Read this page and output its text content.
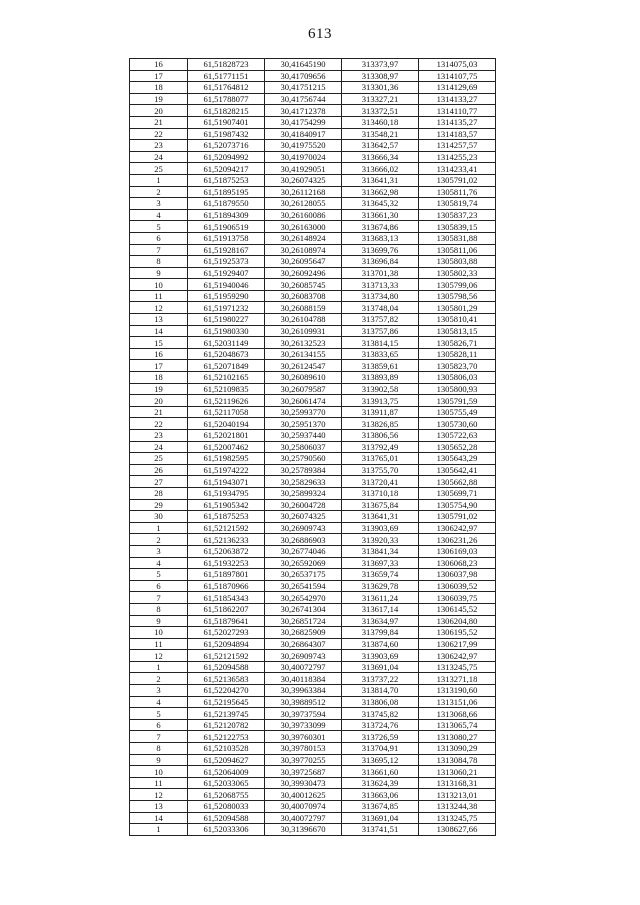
613
16	61,51828723	30,41645190	313373,97	1314075,03
17	61,51771151	30,41709656	313308,97	1314107,75
18	61,51764812	30,41751215	313301,36	1314129,69
19	61,51788077	30,41756744	313327,21	1314133,27
20	61,51828215	30,41712378	313372,51	1314110,77
21	61,51907401	30,41754299	313460,18	1314135,27
22	61,51987432	30,41840917	313548,21	1314183,57
23	61,52073716	30,41975520	313642,57	1314257,57
24	61,52094992	30,41970024	313666,34	1314255,23
25	61,52094217	30,41929051	313666,02	1314233,41
1	61,51875253	30,26074325	313641,31	1305791,02
2	61,51895195	30,26112168	313662,98	1305811,76
3	61,51879550	30,26128055	313645,32	1305819,74
4	61,51894309	30,26160086	313661,30	1305837,23
5	61,51906519	30,26163000	313674,86	1305839,15
6	61,51913758	30,26148924	313683,13	1305831,88
7	61,51928167	30,26108974	313699,76	1305811,06
8	61,51925373	30,26095647	313696,84	1305803,88
9	61,51929407	30,26092496	313701,38	1305802,33
10	61,51940046	30,26085745	313713,33	1305799,06
11	61,51959290	30,26083708	313734,80	1305798,56
12	61,51971232	30,26088159	313748,04	1305801,29
13	61,51980227	30,26104788	313757,82	1305810,41
14	61,51980330	30,26109931	313757,86	1305813,15
15	61,52031149	30,26132523	313814,15	1305826,71
16	61,52048673	30,26134155	313833,65	1305828,11
17	61,52071849	30,26124547	313859,61	1305823,70
18	61,52102165	30,26089610	313893,89	1305806,03
19	61,52109835	30,26079587	313902,58	1305800,93
20	61,52119626	30,26061474	313913,75	1305791,59
21	61,52117058	30,25993770	313911,87	1305755,49
22	61,52040194	30,25951370	313826,85	1305730,60
23	61,52021801	30,25937440	313806,56	1305722,63
24	61,52007462	30,25806037	313792,49	1305652,28
25	61,51982595	30,25790560	313765,01	1305643,29
26	61,51974222	30,25789384	313755,70	1305642,41
27	61,51943071	30,25829633	313720,41	1305662,88
28	61,51934795	30,25899324	313710,18	1305699,71
29	61,51905342	30,26004728	313675,84	1305754,90
30	61,51875253	30,26074325	313641,31	1305791,02
1	61,52121592	30,26909743	313903,69	1306242,97
2	61,52136233	30,26886903	313920,33	1306231,26
3	61,52063872	30,26774046	313841,34	1306169,03
4	61,51932253	30,26592069	313697,33	1306068,23
5	61,51897801	30,26537175	313659,74	1306037,98
6	61,51870966	30,26541594	313629,78	1306039,52
7	61,51854343	30,26542970	313611,24	1306039,75
8	61,51862207	30,26741304	313617,14	1306145,52
9	61,51879641	30,26851724	313634,97	1306204,80
10	61,52027293	30,26825909	313799,84	1306195,52
11	61,52094894	30,26864307	313874,60	1306217,99
12	61,52121592	30,26909743	313903,69	1306242,97
1	61,52094588	30,40072797	313691,04	1313245,75
2	61,52136583	30,40118384	313737,22	1313271,18
3	61,52204270	30,39963384	313814,70	1313190,60
4	61,52195645	30,39889512	313806,08	1313151,06
5	61,52139745	30,39737594	313745,82	1313068,66
6	61,52120782	30,39733099	313724,76	1313065,74
7	61,52122753	30,39760301	313726,59	1313080,27
8	61,52103528	30,39780153	313704,91	1313090,29
9	61,52094627	30,39770255	313695,12	1313084,78
10	61,52064009	30,39725687	313661,60	1313060,21
11	61,52033065	30,39930473	313624,39	1313168,31
12	61,52068755	30,40012625	313663,06	1313213,01
13	61,52080033	30,40070974	313674,85	1313244,38
14	61,52094588	30,40072797	313691,04	1313245,75
1	61,52033306	30,31396670	313741,51	1308627,66
